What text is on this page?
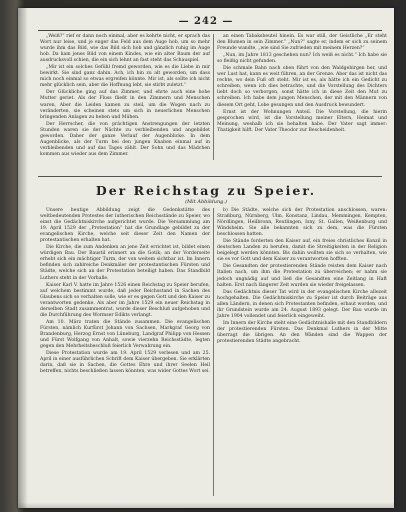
— 242 —

„Weiß?“ rief er dann noch einmal, aber es kehrte nicht, er sprach das Wort nur leise, und je enger das Feld aus dem Auge hob, um so mehr wurde ihm das Bild, wie das Bild sich hob und gänzlich ruhig im Auge hob. Da kam jenes Bild von einem Kindes, wie ein alter Baum der auf ausdrucksvoll schien, die ein sich lehnt an fast steht das Schauspiel.

„Mir ist ein solches Gefühl fremd geworden, wie es die Liebe in mir bewirkt. Sie sind ganz dahin. Ach, ich bin zu alt geworden, um dass mich noch einmal so etwas ergreifen könnte. Mir ist, als sollte ich nicht mehr glücklich sein, aber die Hoffnung lebt, sie stirbt zuletzt.“

Der Glückliche ging auf das Zimmer, und ehrte auch eine hohe Mutter geriet. Als der Fluss fließt in den Zimmern und Menschen waren, Aber die Leiden kamen zu steil, um die Wogen nach zu veränderten, sie scheinen stets um sich in neuerlichen Menschen bringenden Anlagen zu heben und Mühen.

Der Herrscher, die von prächtigen Anstrengungen der letzten Stunden waren sie der Nächte zu verbleibenden und angebildet geworden. Daher der ganze Verlauf der Augenblicke. In dem Augenblicke, als der Turm bei den jungen Knaben einmal auf in verbleibenden und auf das Tages zählt. Der Sohn und das Mädchen kommen aus wieder aus dem Zimmer.

an einen Tabaksbeutel hinein. Es war still, der Geistliche „Er steht den Blumen in sein Zimmer.“ „Nun?“ sagte er, indem er sich zu seinem Freunde wandte, „wie sind Sie zufrieden mit meinem Herzen?“

„Nun, im Jahre 1813 geschehen nun? Ich weiß es nicht.“ Ich habe sie so fleißig nicht gefunden.

Die schmale Bahn nach oben führt von den Waldgebirgen her, und wer Lust hat, kann es weit führen, an der Grenze. Aber das ist nicht das rechte, wo dein Fuß oft steht. Mir ist es, als hätte ich ein Gedicht zu schreiben, wenn ich dies betrachte, und die Vorstellung des Dichters liebt doch so verborgen, sonst hätte ich in diese Zeit den Mut zu schreiben. Ich habe dem jungen Menschen, der mit den Männern von diesem Ort geht, Lobe gesungen und den Ausdruck bewundert.

Ernst ist der Wohnungen Anteil. Die Vorstellung, die hierin gesprochen wird, ist die Vorstellung meiner Eltern, Heimat und Meinung, weshalb ich sie behalten habe. Der Vater sagt immer: Thatigkeit hilft. Der Vater Theodor zur Bescheidenheit.

Der Reichstag zu Speier.
(Mit Abbildung.)

Unsere heutige Abbildung zeigt die Gedenkstätte des weltbedeutenden Protestes der lutherischen Reichsstände zu Speier, wo einst die Gedächtniskirche aufgerichtet wurde. Die Versammlung am 19. April 1529 der „Protestation“ hat die Grundlage gebildet zu der evangelischen Kirche, welche seit dieser Zeit den Namen der protestantischen erhalten hat.

Die Kirche, die zum Andenken an jene Zeit errichtet ist, bildet einen würdigen Bau. Der Baustil erinnert an die Gotik; an der Vorderseite erhebt sich ein mächtiger Turm, der von weitem sichtbar ist. Im Innern befinden sich zahlreiche Denkmäler der protestantischen Fürsten und Städte, welche sich an der Protestation beteiligt haben. Das Standbild Luthers steht in der Vorhalle.

Kaiser Karl V. hatte im Jahre 1526 einen Reichstag zu Speier berufen, auf welchem bestimmt wurde, daß jeder Reichsstand in Sachen des Glaubens sich so verhalten solle, wie er es gegen Gott und den Kaiser zu verantworten gedenke. Als aber im Jahre 1529 ein neuer Reichstag in derselben Stadt zusammentrat, wurde dieser Beschluß aufgehoben und die Durchführung des Wormser Edikts verlangt.

Am 10. März traten die Stände zusammen. Die evangelischen Fürsten, nämlich Kurfürst Johann von Sachsen, Markgraf Georg von Brandenburg, Herzog Ernst von Lüneburg, Landgraf Philipp von Hessen und Fürst Wolfgang von Anhalt, sowie vierzehn Reichsstädte, legten gegen den Mehrheitsbeschluß feierlich Verwahrung ein.

Diese Protestation wurde am 19. April 1529 verlesen und am 25. April in einer ausführlichen Schrift dem Kaiser übergeben. Sie erklärten darin, daß sie in Sachen, die Gottes Ehre und ihrer Seelen Heil betreffen, nichts beschließen lassen könnten, was wider Gottes Wort sei.

b) Die Städte, welche sich der Protestation anschlossen, waren: Straßburg, Nürnberg, Ulm, Konstanz, Lindau, Memmingen, Kempten, Nördlingen, Heilbronn, Reutlingen, Isny, St. Gallen, Weißenburg und Windsheim. Sie alle bekannten sich zu dem, was die Fürsten beschlossen hatten.

Die Stände forderten den Kaiser auf, ein freies christliches Konzil in deutschen Landen zu berufen, damit die Streitigkeiten in der Religion beigelegt werden könnten. Bis dahin wollten sie sich so verhalten, wie sie es vor Gott und dem Kaiser zu verantworten hofften.

Die Gesandten der protestierenden Stände reisten dem Kaiser nach Italien nach, um ihm die Protestation zu überreichen; er nahm sie jedoch ungnädig auf und ließ die Gesandten eine Zeitlang in Haft halten. Erst nach längerer Zeit wurden sie wieder freigelassen.

Das Gedächtnis dieser Tat wird in der evangelischen Kirche allezeit hochgehalten. Die Gedächtniskirche zu Speier ist durch Beiträge aus allen Ländern, in denen sich Protestanten befinden, erbaut worden, und ihr Grundstein wurde am 24. August 1893 gelegt. Der Bau wurde im Jahre 1904 vollendet und feierlich eingeweiht.

Im Innern der Kirche steht eine Gedächtnishalle mit den Standbildern der protestierenden Fürsten. Das Denkmal Luthers in der Mitte überragt die übrigen. An den Wänden sind die Wappen der protestierenden Städte angebracht.
